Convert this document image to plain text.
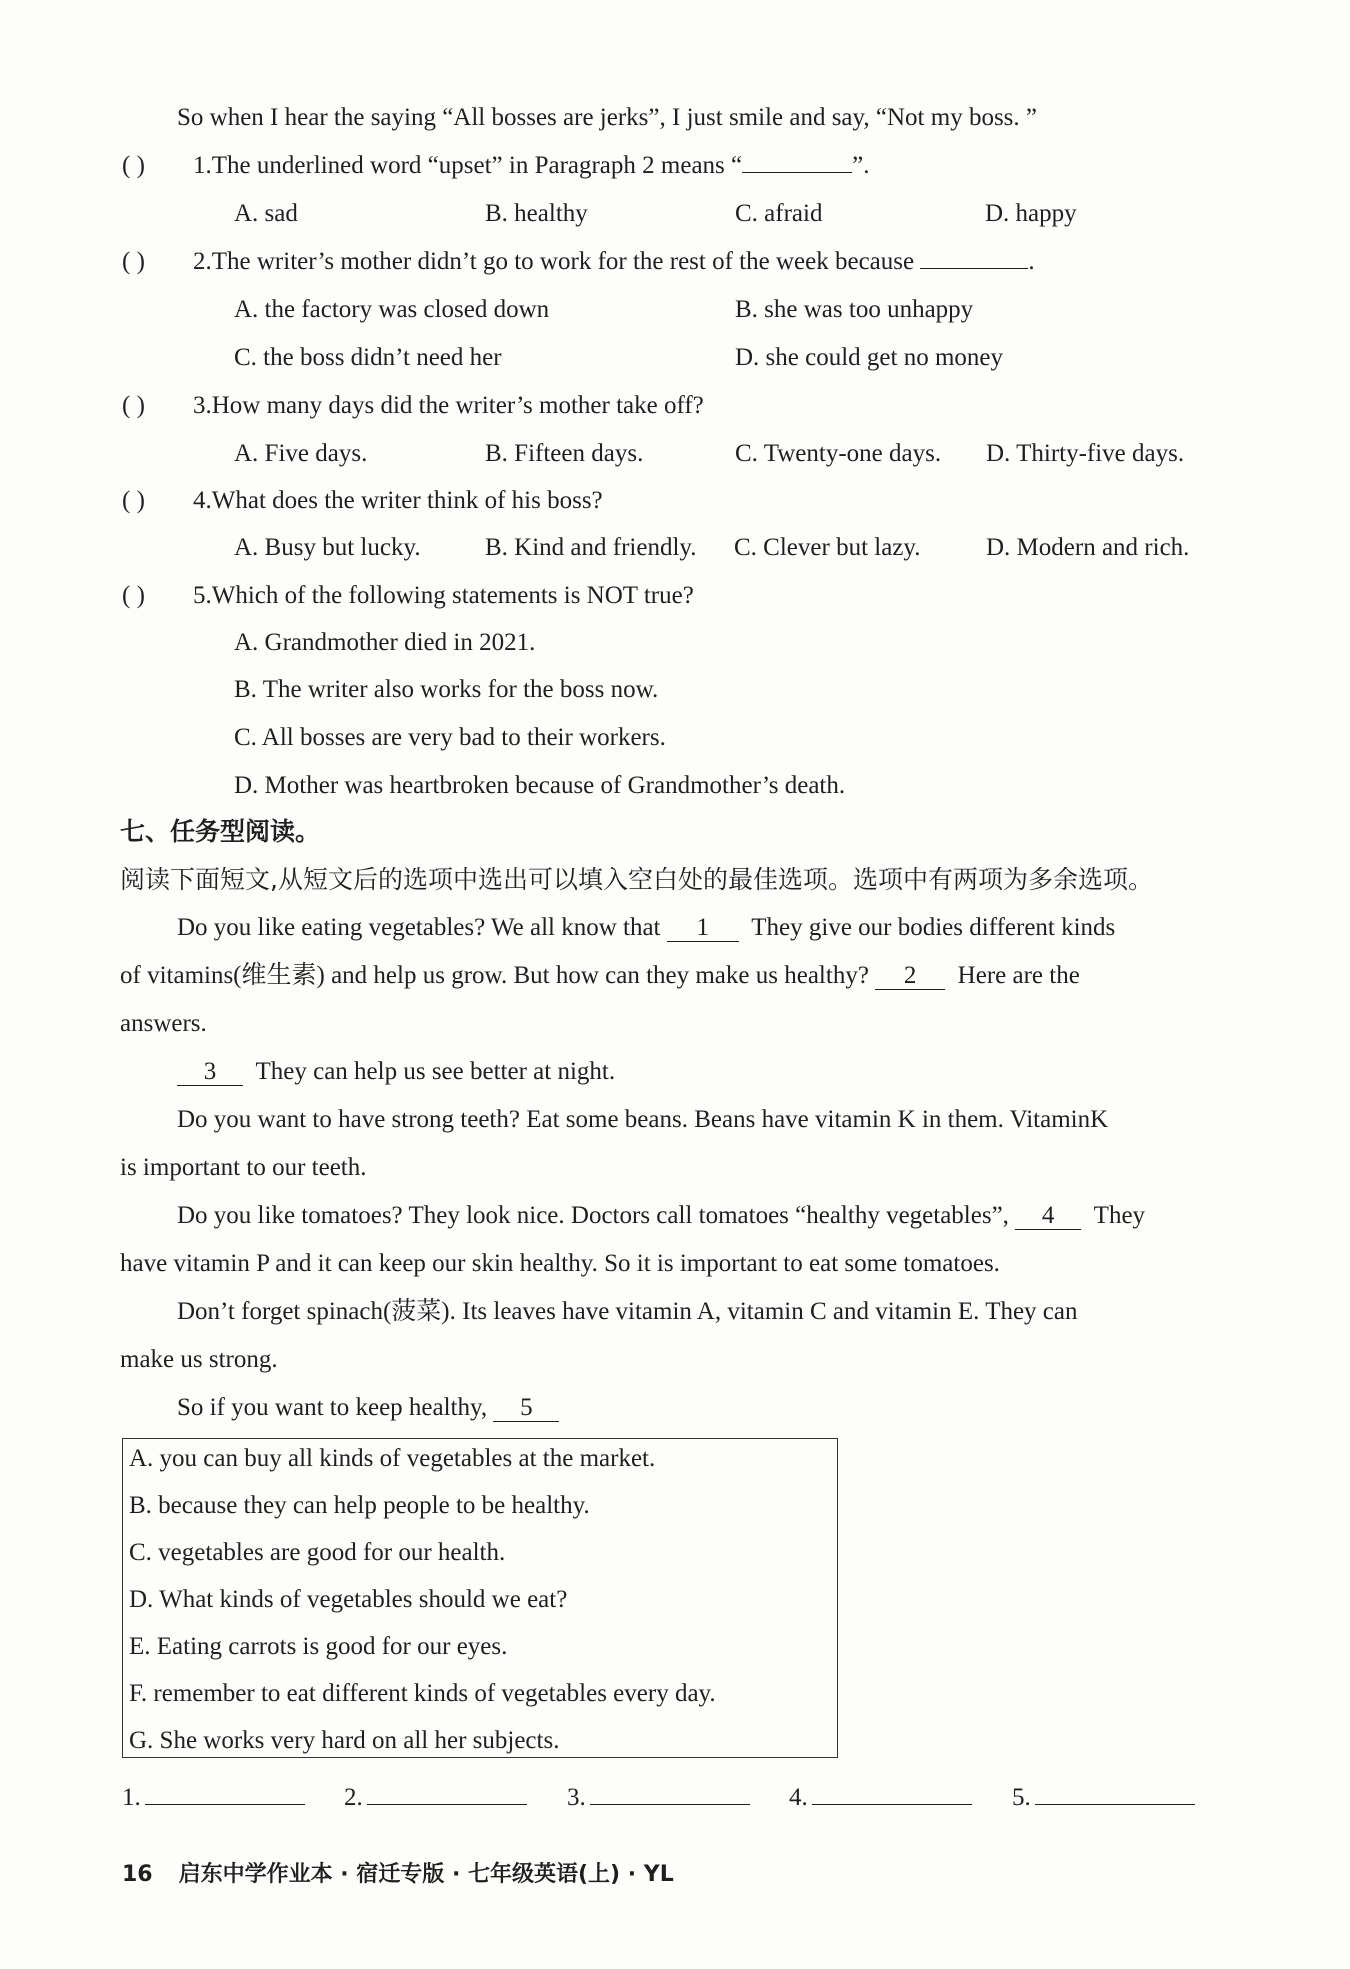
So when I hear the saying “All bosses are jerks”, I just smile and say, “Not my boss. ”
( ) 1.The underlined word “upset” in Paragraph 2 means “	”.
A. sad	B. healthy	C. afraid	D. happy
( ) 2.The writer’s mother didn’t go to work for the rest of the week because	.
A. the factory was closed down	B. she was too unhappy
C. the boss didn’t need her	D. she could get no money
( ) 3.How many days did the writer’s mother take off?
A. Five days.	B. Fifteen days.	C. Twenty-one days. D. Thirty-five days.
( ) 4.What does the writer think of his boss?
A. Busy but lucky.	B. Kind and friendly. C. Clever but lazy.	D. Modern and rich.
( ) 5.Which of the following statements is NOT true?
A. Grandmother died in 2021.
B. The writer also works for the boss now.
C. All bosses are very bad to their workers.
D. Mother was heartbroken because of Grandmother’s death.
七、任务型阅读。
阅读下面短文,从短文后的选项中选出可以填入空白处的最佳选项。选项中有两项为多余选项。
Do you like eating vegetables? We all know that 1 They give our bodies different kinds
of vitamins(维生素) and help us grow. But how can they make us healthy? 2 Here are the
answers.
3 They can help us see better at night.
Do you want to have strong teeth? Eat some beans. Beans have vitamin K in them. VitaminK
is important to our teeth.
Do you like tomatoes? They look nice. Doctors call tomatoes “healthy vegetables”, 4 They
have vitamin P and it can keep our skin healthy. So it is important to eat some tomatoes.
Don’t forget spinach(菠菜). Its leaves have vitamin A, vitamin C and vitamin E. They can
make us strong.
So if you want to keep healthy, 5
A. you can buy all kinds of vegetables at the market.
B. because they can help people to be healthy.
C. vegetables are good for our health.
D. What kinds of vegetables should we eat?
E. Eating carrots is good for our eyes.
F. remember to eat different kinds of vegetables every day.
G. She works very hard on all her subjects.
1.	2.	3.	4.	5.
16 启东中学作业本 · 宿迁专版 · 七年级英语(上) · YL
